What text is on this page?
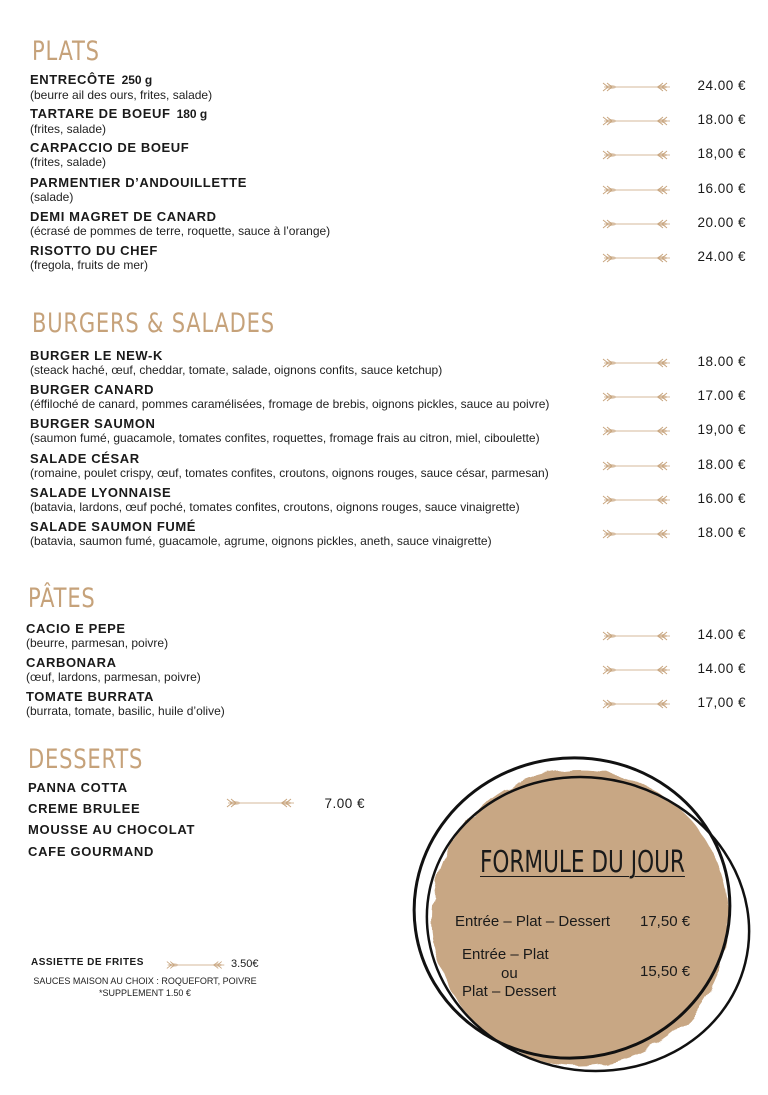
PLATS
ENTRECÔTE 250 g
(beurre ail des ours, frites, salade)
24.00 €
TARTARE DE BOEUF 180 g
(frites, salade)
18.00 €
CARPACCIO DE BOEUF
(frites, salade)
18,00 €
PARMENTIER D’ANDOUILLETTE
(salade)
16.00 €
DEMI MAGRET DE CANARD
(écrasé de pommes de terre, roquette, sauce à l’orange)
20.00 €
RISOTTO DU CHEF
(fregola, fruits de mer)
24.00 €
BURGERS & SALADES
BURGER LE NEW-K
(steack haché, œuf, cheddar, tomate, salade, oignons confits, sauce ketchup)
18.00 €
BURGER CANARD
(éffiloché de canard, pommes caramélisées, fromage de brebis, oignons pickles, sauce au poivre)
17.00 €
BURGER SAUMON
(saumon fumé, guacamole, tomates confites, roquettes, fromage frais au citron, miel, ciboulette)
19,00 €
SALADE CÉSAR
(romaine, poulet crispy, œuf, tomates confites, croutons, oignons rouges, sauce césar, parmesan)
18.00 €
SALADE LYONNAISE
(batavia, lardons, œuf poché, tomates confites, croutons, oignons rouges, sauce vinaigrette)
16.00 €
SALADE SAUMON FUMÉ
(batavia, saumon fumé, guacamole, agrume, oignons pickles, aneth, sauce vinaigrette)
18.00 €
PÂTES
CACIO E PEPE
(beurre, parmesan, poivre)
14.00 €
CARBONARA
(œuf, lardons, parmesan, poivre)
14.00 €
TOMATE BURRATA
(burrata, tomate, basilic, huile d’olive)
17,00 €
DESSERTS
PANNA COTTA
CREME BRULEE
MOUSSE AU CHOCOLAT
CAFE GOURMAND
7.00 €
ASSIETTE DE FRITES	3.50€
SAUCES MAISON AU CHOIX : ROQUEFORT, POIVRE
*SUPPLEMENT 1.50 €
FORMULE DU JOUR
Entrée – Plat – Dessert 17,50 €
Entrée – Plat
ou
Plat – Dessert
15,50 €
